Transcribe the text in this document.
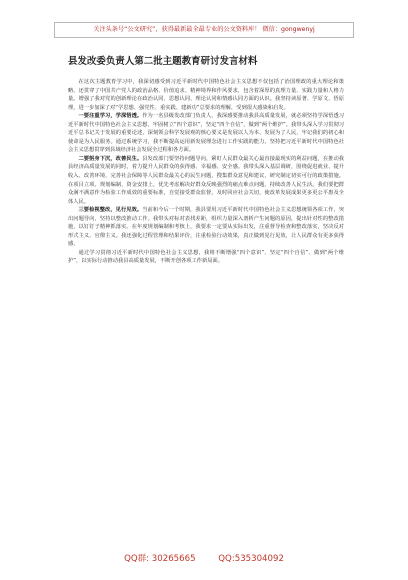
关注头条号“公文研究”，获得最新最全最专业的公文资料库！ 微信：gongwenyj
县发改委负责人第二批主题教育研讨发言材料

在这次主题教育学习中，我深切感受到习近平新时代中国特色社会主义思想不仅包括了治国理政的重大理论和策略，还贯穿了中国共产党人的政治品格、价值追求、精神境界和作风要求，包含着深厚的真理力量、实践力量和人格力量。增强了我对党的创新理论在政治认同、思想认同、理论认同和情感认同方面的认识。我坚持读原著、学原文、悟原理，进一步加深了对“学思想、强党性、重实践、建新功”总要求的理解，受到很大感染和启发。

一要注重学习，学深悟透。作为一名县级发改部门负责人，我深感要推动我县高质量发展，就必须坚持学深悟透习近平新时代中国特色社会主义思想，牢固树立“四个意识”，坚定“四个自信”，做到“两个维护”。我带头深入学习贯彻习近平总书记关于发展的重要论述，深刻领会科学发展观的核心要义是发展以人为本、发展为了人民，牢记我们的初心和使命是为人民服务。通过系统学习，我不断提高运用新发展理念进行工作实践的能力，坚持把习近平新时代中国特色社会主义思想贯穿到县域经济社会发展全过程和各方面。

二要躬身下沉，改善民生。县发改部门要坚持问题导向，紧盯人民群众最关心最直接最现实的利益问题，在推动我县经济高质量发展的同时，着力提升人民群众的获得感、幸福感、安全感。我带头深入基层调研，围绕促进就业、提升收入、改善环境、完善社会保障等人民群众最关心的民生问题，搜集群众意见和建议，研究制定切实可行的政策措施。在项目立项、规划编制、资金安排上，优先考虑解决好群众反映强烈的痛点难点问题，持续改善人民生活。我们要把群众满不满意作为检验工作成效的重要标准，自觉接受群众监督，及时回应社会关切，使改革发展成果更多更公平惠及全体人民。

三要检视整改，见行见效。当前和今后一个时期，我县要用习近平新时代中国特色社会主义思想统领各项工作，突出问题导向，坚持以整改推动工作。我带头对标对表找差距，组织力量深入剖析产生问题的原因，提出针对性的整改措施，以钉钉子精神抓落实。在年度规划编制和考核上，我要求一定要从实际出发，注重督导检查和整改落实，坚决反对形式主义、官僚主义。我还强化过程管理和结果评价，注重检验行动效果，真正做到见行见效，让人民群众有更多获得感。

通过学习贯彻习近平新时代中国特色社会主义思想，我将不断增强“四个意识”、坚定“四个自信”、做到“两个维护”，以实际行动推动我县高质量发展，不断开创各项工作新局面。

QQ群: 30265665	QQ:535304092
